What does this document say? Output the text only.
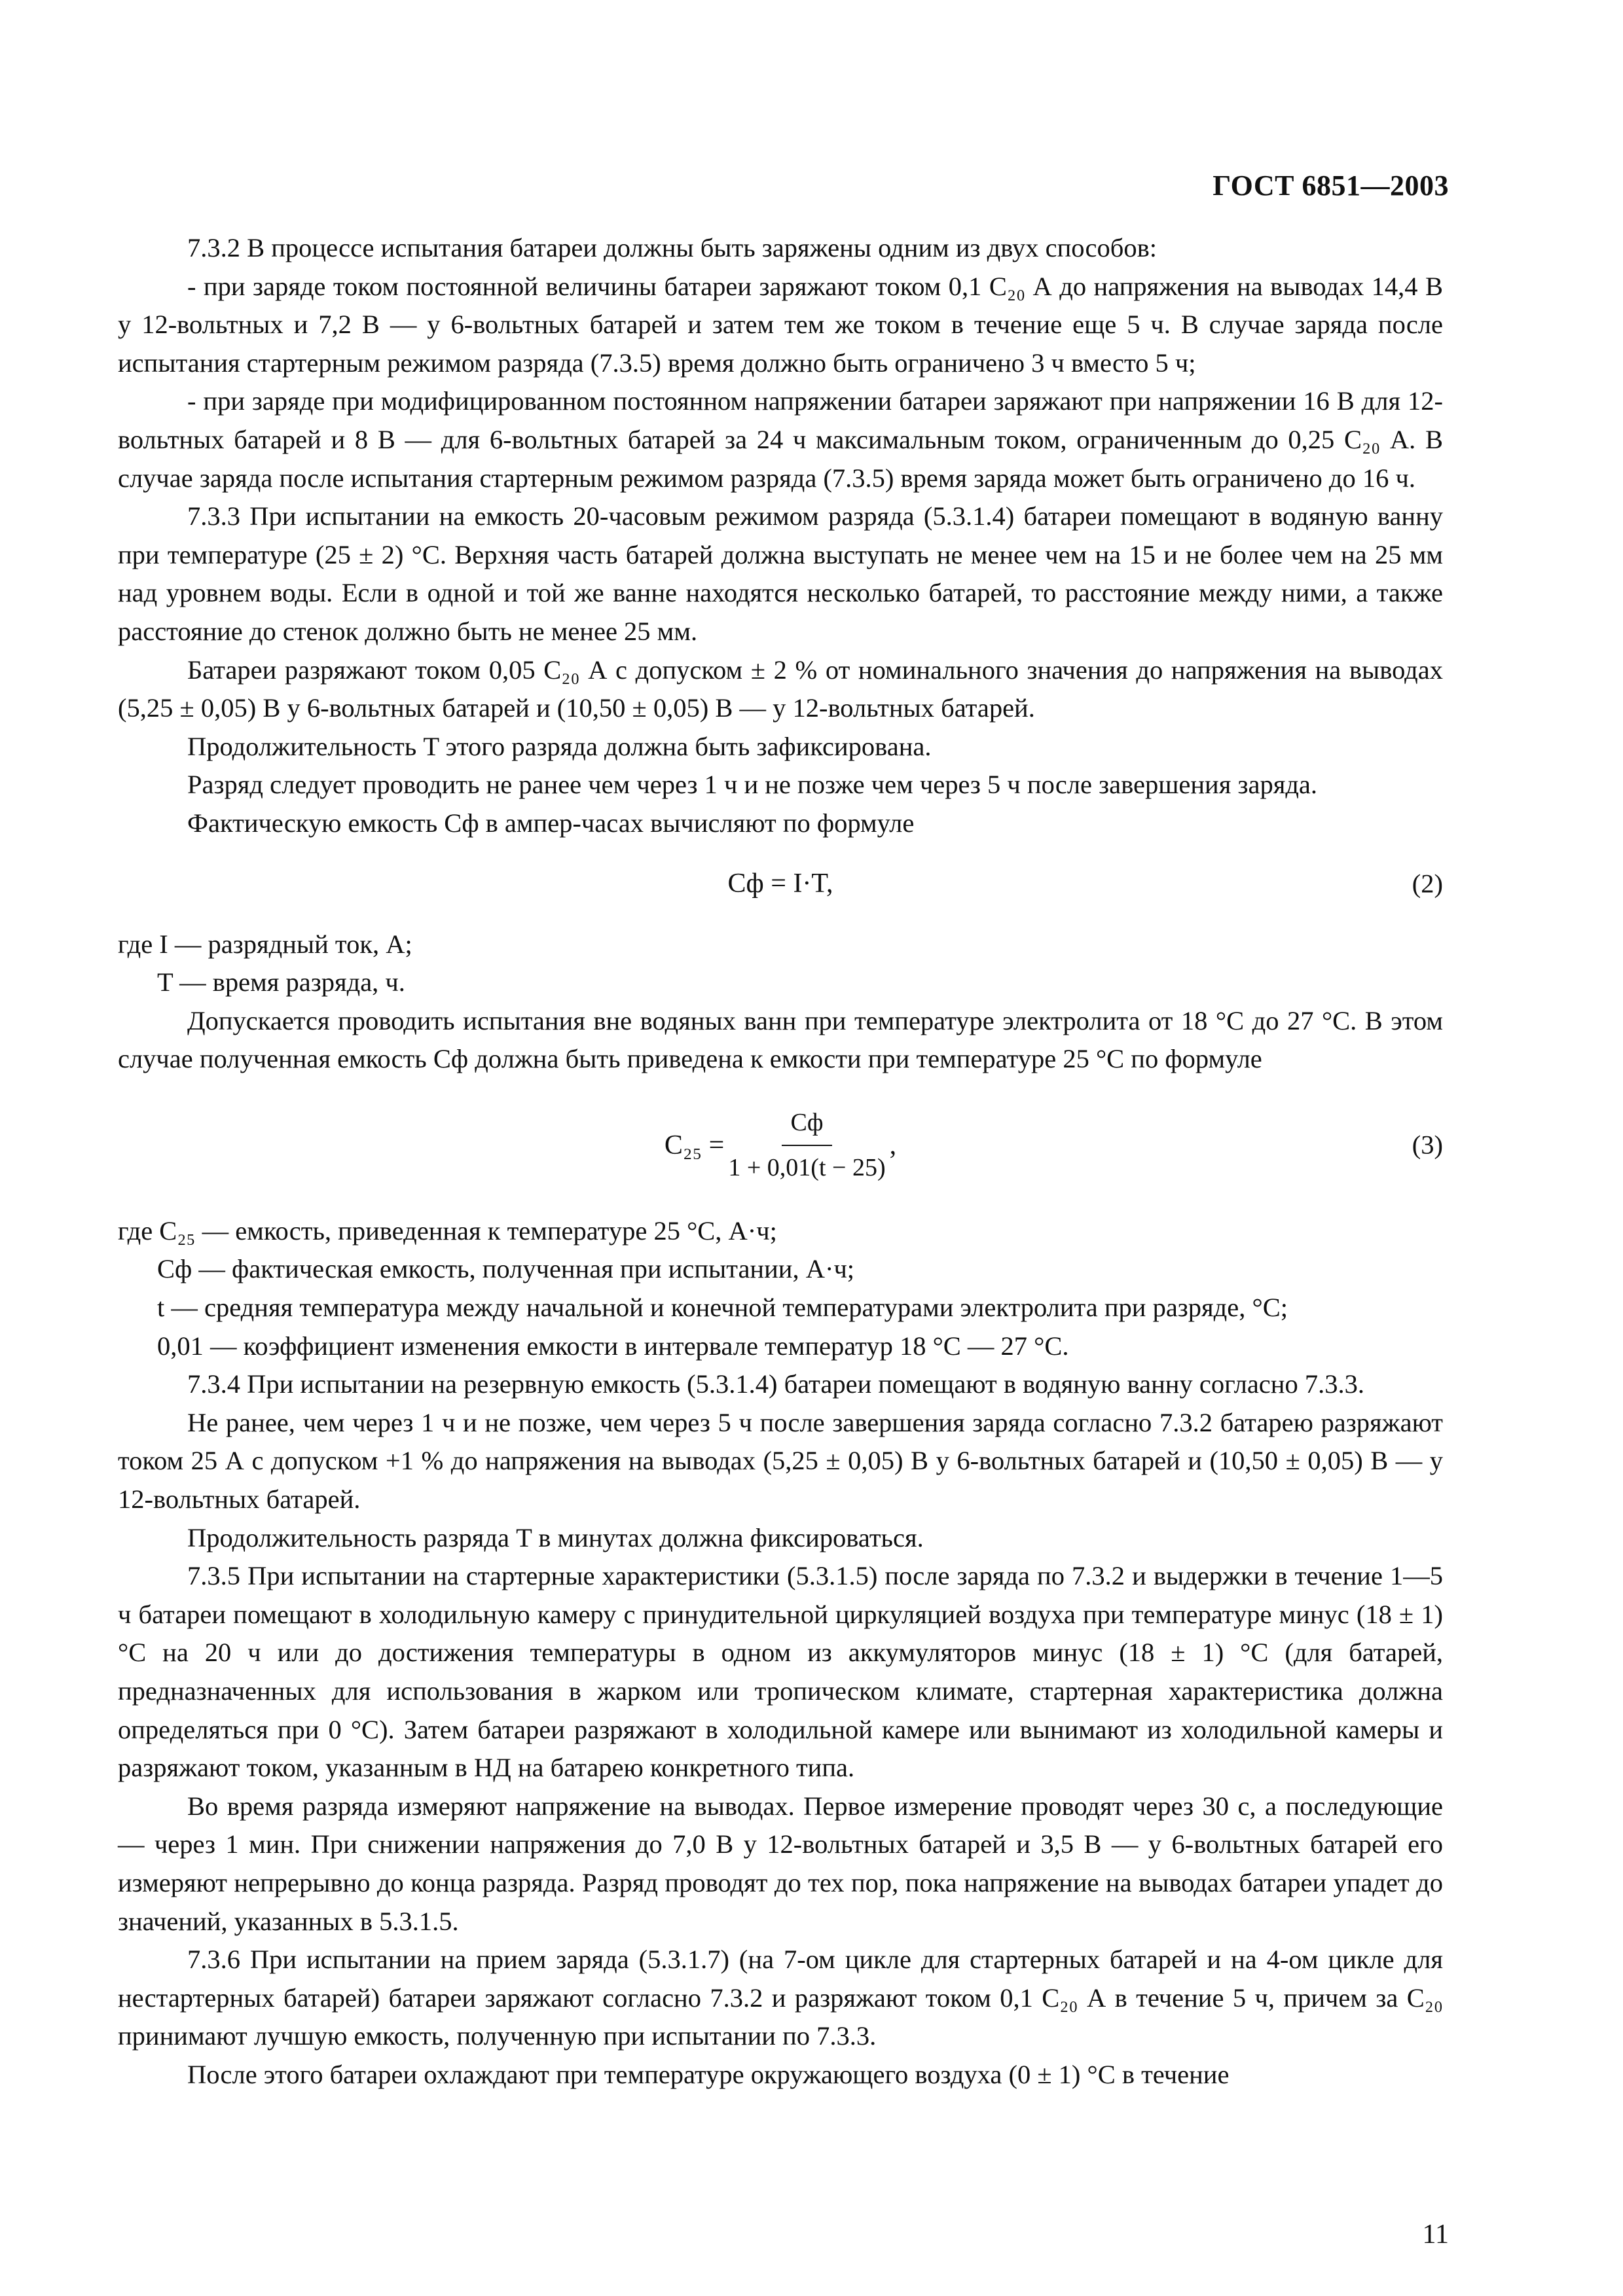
ГОСТ 6851—2003

7.3.2 В процессе испытания батареи должны быть заряжены одним из двух способов:

- при заряде током постоянной величины батареи заряжают током 0,1 C₂₀ А до напряжения на выводах 14,4 В у 12-вольтных и 7,2 В — у 6-вольтных батарей и затем тем же током в течение еще 5 ч. В случае заряда после испытания стартерным режимом разряда (7.3.5) время должно быть ограничено 3 ч вместо 5 ч;

- при заряде при модифицированном постоянном напряжении батареи заряжают при напряжении 16 В для 12-вольтных батарей и 8 В — для 6-вольтных батарей за 24 ч максимальным током, ограниченным до 0,25 C₂₀ А. В случае заряда после испытания стартерным режимом разряда (7.3.5) время заряда может быть ограничено до 16 ч.

7.3.3 При испытании на емкость 20-часовым режимом разряда (5.3.1.4) батареи помещают в водяную ванну при температуре (25 ± 2) °С. Верхняя часть батарей должна выступать не менее чем на 15 и не более чем на 25 мм над уровнем воды. Если в одной и той же ванне находятся несколько батарей, то расстояние между ними, а также расстояние до стенок должно быть не менее 25 мм.

Батареи разряжают током 0,05 C₂₀ А с допуском ± 2 % от номинального значения до напряжения на выводах (5,25 ± 0,05) В у 6-вольтных батарей и (10,50 ± 0,05) В — у 12-вольтных батарей.

Продолжительность T этого разряда должна быть зафиксирована.

Разряд следует проводить не ранее чем через 1 ч и не позже чем через 5 ч после завершения заряда.

Фактическую емкость Cф в ампер-часах вычисляют по формуле

Cф = I·T,	(2)

где I — разрядный ток, А;

T — время разряда, ч.

Допускается проводить испытания вне водяных ванн при температуре электролита от 18 °С до 27 °С. В этом случае полученная емкость Cф должна быть приведена к емкости при температуре 25 °С по формуле

$C_{25} = \frac{Cф}{1 + 0,01(t - 25)}$ ,	(3)

где C₂₅ — емкость, приведенная к температуре 25 °С, А·ч;

Cф — фактическая емкость, полученная при испытании, А·ч;

t — средняя температура между начальной и конечной температурами электролита при разряде, °С;

0,01 — коэффициент изменения емкости в интервале температур 18 °С — 27 °С.

7.3.4 При испытании на резервную емкость (5.3.1.4) батареи помещают в водяную ванну согласно 7.3.3.

Не ранее, чем через 1 ч и не позже, чем через 5 ч после завершения заряда согласно 7.3.2 батарею разряжают током 25 А с допуском +1 % до напряжения на выводах (5,25 ± 0,05) В у 6-вольтных батарей и (10,50 ± 0,05) В — у 12-вольтных батарей.

Продолжительность разряда T в минутах должна фиксироваться.

7.3.5 При испытании на стартерные характеристики (5.3.1.5) после заряда по 7.3.2 и выдержки в течение 1—5 ч батареи помещают в холодильную камеру с принудительной циркуляцией воздуха при температуре минус (18 ± 1) °С на 20 ч или до достижения температуры в одном из аккумуляторов минус (18 ± 1) °С (для батарей, предназначенных для использования в жарком или тропическом климате, стартерная характеристика должна определяться при 0 °С). Затем батареи разряжают в холодильной камере или вынимают из холодильной камеры и разряжают током, указанным в НД на батарею конкретного типа.

Во время разряда измеряют напряжение на выводах. Первое измерение проводят через 30 с, а последующие — через 1 мин. При снижении напряжения до 7,0 В у 12-вольтных батарей и 3,5 В — у 6-вольтных батарей его измеряют непрерывно до конца разряда. Разряд проводят до тех пор, пока напряжение на выводах батареи упадет до значений, указанных в 5.3.1.5.

7.3.6 При испытании на прием заряда (5.3.1.7) (на 7-ом цикле для стартерных батарей и на 4-ом цикле для нестартерных батарей) батареи заряжают согласно 7.3.2 и разряжают током 0,1 C₂₀ А в течение 5 ч, причем за C₂₀ принимают лучшую емкость, полученную при испытании по 7.3.3.

После этого батареи охлаждают при температуре окружающего воздуха (0 ± 1) °С в течение

11
